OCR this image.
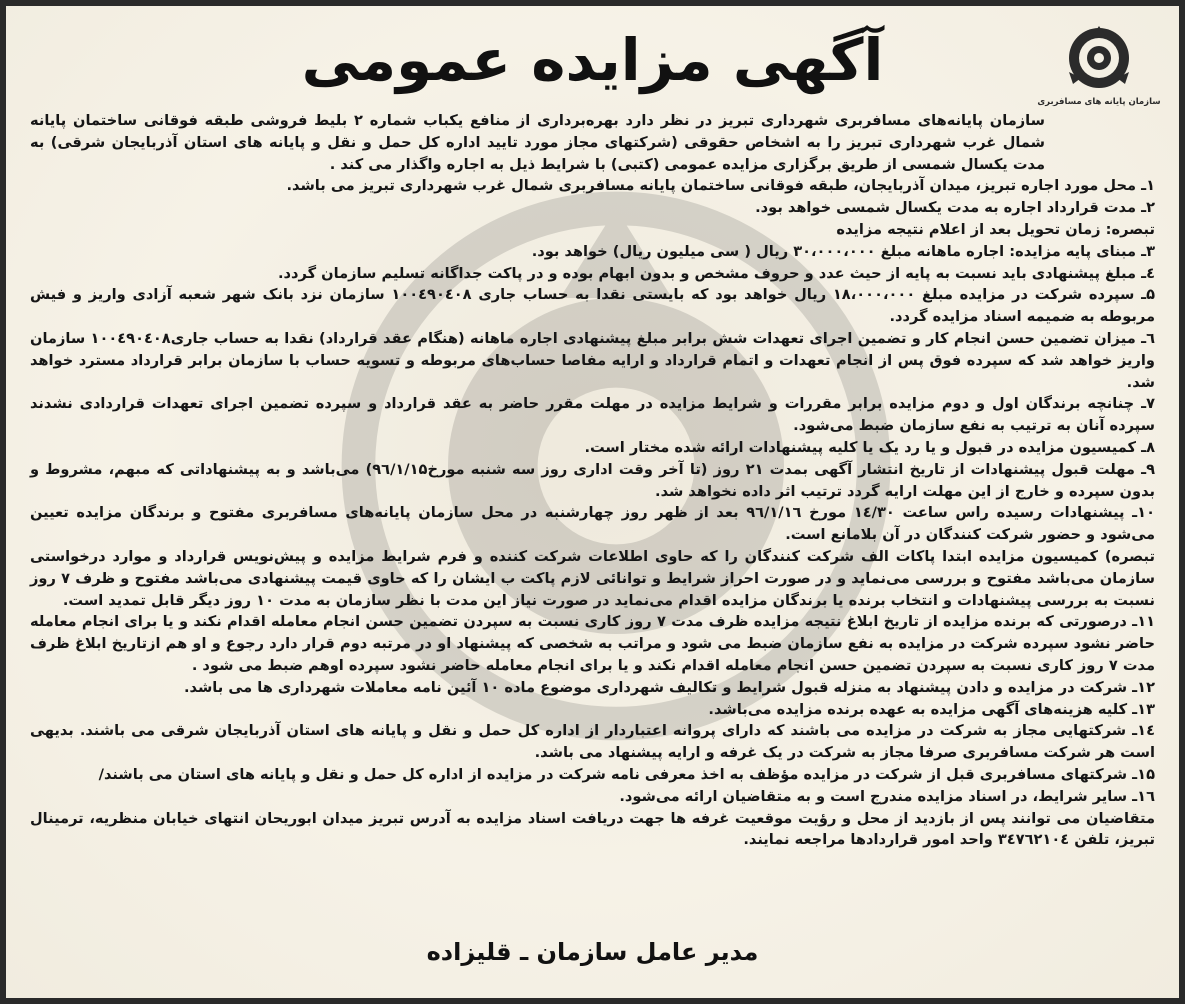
سازمان پایانه های مسافربری
آگهی مزایده عمومی

سازمان پایانه‌های مسافربری شهرداری تبریز در نظر دارد بهره‌برداری از منافع یکباب شماره ۲ بلیط فروشی طبقه فوقانی ساختمان پایانه شمال غرب شهرداری تبریز را به اشخاص حقوقی (شرکتهای مجاز مورد تایید اداره کل حمل و نقل و پایانه های استان آذربایجان شرقی) به مدت یکسال شمسی از طریق برگزاری مزایده عمومی (کتبی) با شرایط ذیل به اجاره واگذار می کند .

۱ـ محل مورد اجاره تبریز، میدان آذربایجان، طبقه فوقانی ساختمان پایانه مسافربری شمال غرب شهرداری تبریز می باشد.

۲ـ مدت قرارداد اجاره به مدت یکسال شمسی خواهد بود.

تبصره: زمان تحویل بعد از اعلام نتیجه مزایده

۳ـ مبنای پایه مزایده: اجاره ماهانه مبلغ ۳۰،۰۰۰،۰۰۰ ریال ( سی میلیون ریال) خواهد بود.

٤ـ مبلغ پیشنهادی باید نسبت به پایه از حیث عدد و حروف مشخص و بدون ابهام بوده و در پاکت جداگانه تسلیم سازمان گردد.

۵ـ سپرده شرکت در مزایده مبلغ ۱۸،۰۰۰،۰۰۰ ریال خواهد بود که بایستی نقدا به حساب جاری ۱۰۰٤۹۰٤۰۸ سازمان نزد بانک شهر شعبه آزادی واریز و فیش مربوطه به ضمیمه اسناد مزایده گردد.

٦ـ میزان تضمین حسن انجام کار و تضمین اجرای تعهدات شش برابر مبلغ پیشنهادی اجاره ماهانه (هنگام عقد قرارداد) نقدا به حساب جاری۱۰۰٤۹۰٤۰۸ سازمان واریز خواهد شد که سپرده فوق پس از انجام تعهدات و اتمام قرارداد و ارایه مفاصا حساب‌های مربوطه و تسویه حساب با سازمان برابر قرارداد مسترد خواهد شد.

۷ـ چنانچه برندگان اول و دوم مزایده برابر مقررات و شرایط مزایده در مهلت مقرر حاضر به عقد قرارداد و سپرده تضمین اجرای تعهدات قراردادی نشدند سپرده آنان به ترتیب به نفع سازمان ضبط می‌شود.

۸ـ کمیسیون مزایده در قبول و یا رد یک یا کلیه پیشنهادات ارائه شده مختار است.

۹ـ مهلت قبول پیشنهادات از تاریخ انتشار آگهی بمدت ۲۱ روز (تا آخر وقت اداری روز سه شنبه مورخ۹٦/۱/۱۵) می‌باشد و به پیشنهاداتی که مبهم، مشروط و بدون سپرده و خارج از این مهلت ارایه گردد ترتیب اثر داده نخواهد شد.

۱۰ـ پیشنهادات رسیده راس ساعت ۱٤/۳۰ مورخ ۹٦/۱/۱٦ بعد از ظهر روز چهارشنبه در محل سازمان پایانه‌های مسافربری مفتوح و برندگان مزایده تعیین می‌شود و حضور شرکت کنندگان در آن بلامانع است.

تبصره) کمیسیون مزایده ابتدا پاکات الف شرکت کنندگان را که حاوی اطلاعات شرکت کننده و فرم شرایط مزایده و پیش‌نویس قرارداد و موارد درخواستی سازمان می‌باشد مفتوح و بررسی می‌نماید و در صورت احراز شرایط و توانائی لازم پاکت ب ایشان را که حاوی قیمت پیشنهادی می‌باشد مفتوح و ظرف ۷ روز نسبت به بررسی پیشنهادات و انتخاب برنده یا برندگان مزایده اقدام می‌نماید در صورت نیاز این مدت با نظر سازمان به مدت ۱۰ روز دیگر قابل تمدید است.

۱۱ـ درصورتی که برنده مزایده از تاریخ ابلاغ نتیجه مزایده ظرف مدت ۷ روز کاری نسبت به سپردن تضمین حسن انجام معامله اقدام نکند و یا برای انجام معامله حاضر نشود سپرده شرکت در مزایده به نفع سازمان ضبط می شود و مراتب به شخصی که پیشنهاد او در مرتبه دوم قرار دارد رجوع و او هم ازتاریخ ابلاغ ظرف مدت ۷ روز کاری نسبت به سپردن تضمین حسن انجام معامله اقدام نکند و یا برای انجام معامله حاضر نشود سپرده اوهم ضبط می شود .

۱۲ـ شرکت در مزایده و دادن پیشنهاد به منزله قبول شرایط و تکالیف شهرداری موضوع ماده ۱۰ آئین نامه معاملات شهرداری ها می باشد.

۱۳ـ کلیه هزینه‌های آگهی مزایده به عهده برنده مزایده می‌باشد.

۱٤ـ شرکتهایی مجاز به شرکت در مزایده می باشند که دارای پروانه اعتباردار از اداره کل حمل و نقل و پایانه های استان آذربایجان شرقی می باشند. بدیهی است هر شرکت مسافربری صرفا مجاز به شرکت در یک غرفه و ارایه پیشنهاد می باشد.

۱۵ـ شرکتهای مسافربری قبل از شرکت در مزایده مؤظف به اخذ معرفی نامه شرکت در مزایده از اداره کل حمل و نقل و پایانه های استان می باشند/

۱٦ـ سایر شرایط، در اسناد مزایده مندرج است و به متقاضیان ارائه می‌شود.

متقاضیان می توانند پس از بازدید از محل و رؤیت موقعیت غرفه ها جهت دریافت اسناد مزایده به آدرس تبریز میدان ابوریحان انتهای خیابان منظریه، ترمینال تبریز، تلفن ۳٤۷٦۲۱۰٤ واحد امور قراردادها مراجعه نمایند.

مدیر عامل سازمان ـ قلیزاده
